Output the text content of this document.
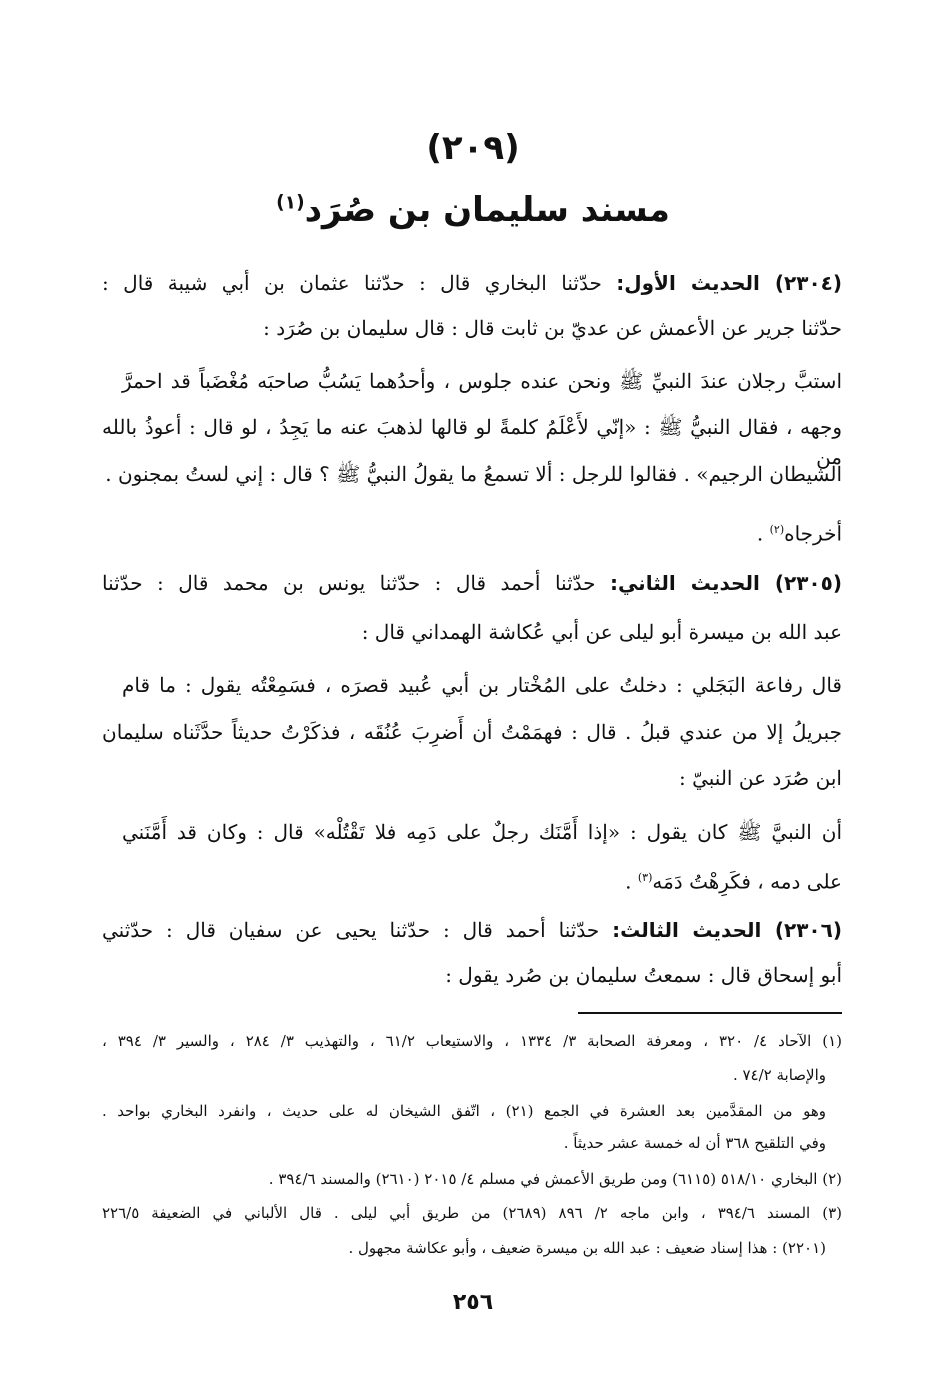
(٢٠٩)
مسند سليمان بن صُرَد$^{(١)}$
(٢٣٠٤) الحديث الأول: حدّثنا البخاري قال : حدّثنا عثمان بن أبي شيبة قال :
حدّثنا جرير عن الأعمش عن عديّ بن ثابت قال : قال سليمان بن صُرَد :
استبَّ رجلان عندَ النبيِّ ﷺ ونحن عنده جلوس ، وأحدُهما يَسُبُّ صاحبَه مُغْضَباً قد احمرَّ
وجهه ، فقال النبيُّ ﷺ : «إنّي لأَعْلَمُ كلمةً لو قالها لذهبَ عنه ما يَجِدُ ، لو قال : أعوذُ بالله من
الشيطان الرجيم» . فقالوا للرجل : ألا تسمعُ ما يقولُ النبيُّ ﷺ ؟ قال : إني لستُ بمجنون .
أخرجاه$^{(٢)}$ .
(٢٣٠٥) الحديث الثاني: حدّثنا أحمد قال : حدّثنا يونس بن محمد قال : حدّثنا
عبد الله بن ميسرة أبو ليلى عن أبي عُكاشة الهمداني قال :
قال رفاعة البَجَلي : دخلتُ على المُخْتار بن أبي عُبيد قصرَه ، فسَمِعْتُه يقول : ما قام
جبريلُ إلا من عندي قبلُ . قال : فهمَمْتُ أن أَضرِبَ عُنُقَه ، فذكَرْتُ حديثاً حدَّثَناه سليمان
ابن صُرَد عن النبيّ :
أن النبيَّ ﷺ كان يقول : «إذا أَمَّنَك رجلٌ على دَمِه فلا تَقْتُلْه» قال : وكان قد أَمَّنَني
على دمه ، فكَرِهْتُ دَمَه$^{(٣)}$ .
(٢٣٠٦) الحديث الثالث: حدّثنا أحمد قال : حدّثنا يحيى عن سفيان قال : حدّثني
أبو إسحاق قال : سمعتُ سليمان بن صُرد يقول :
(١) الآحاد ٤/ ٣٢٠ ، ومعرفة الصحابة ٣/ ١٣٣٤ ، والاستيعاب ٦١/٢ ، والتهذيب ٣/ ٢٨٤ ، والسير ٣/ ٣٩٤ ،
والإصابة ٧٤/٢ .
وهو من المقدَّمين بعد العشرة في الجمع (٢١) ، اتّفق الشيخان له على حديث ، وانفرد البخاري بواحد .
وفي التلقيح ٣٦٨ أن له خمسة عشر حديثاً .
(٢) البخاري ٥١٨/١٠ (٦١١٥) ومن طريق الأعمش في مسلم ٤/ ٢٠١٥ (٢٦١٠) والمسند ٣٩٤/٦ .
(٣) المسند ٣٩٤/٦ ، وابن ماجه ٢/ ٨٩٦ (٢٦٨٩) من طريق أبي ليلى . قال الألباني في الضعيفة ٢٢٦/٥
(٢٢٠١) : هذا إسناد ضعيف : عبد الله بن ميسرة ضعيف ، وأبو عكاشة مجهول .
٢٥٦
